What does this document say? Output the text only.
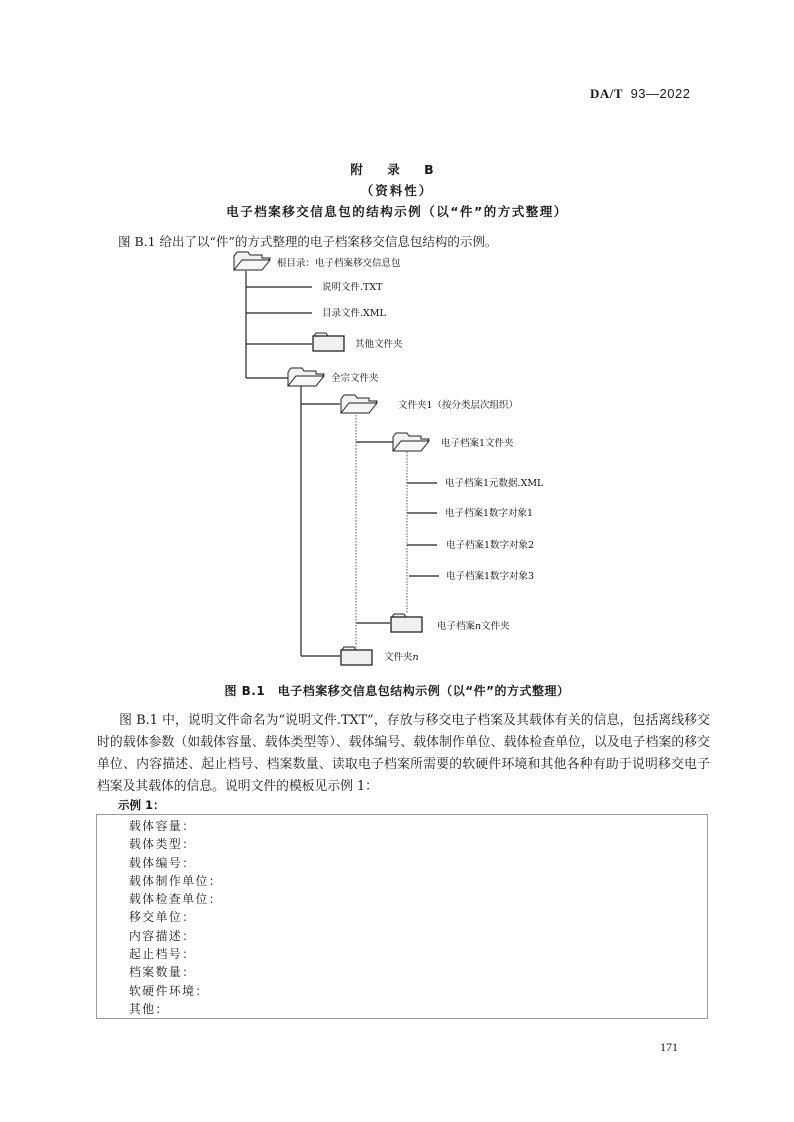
DA/T 93—2022
附 录 B
（资料性）
电子档案移交信息包的结构示例（以“件”的方式整理）
图 B.1 给出了以“件”的方式整理的电子档案移交信息包结构的示例。
根目录：电子档案移交信息包
说明文件.TXT
目录文件.XML
其他文件夹
全宗文件夹
文件夹1（按分类层次组织）
电子档案1文件夹
电子档案1元数据.XML
电子档案1数字对象1
电子档案1数字对象2
电子档案1数字对象3
电子档案n文件夹
文件夹n
图 B.1　电子档案移交信息包结构示例（以“件”的方式整理）
图 B.1 中，说明文件命名为“说明文件.TXT”，存放与移交电子档案及其载体有关的信息，包括离线移交时的载体参数（如载体容量、载体类型等）、载体编号、载体制作单位、载体检查单位，以及电子档案的移交单位、内容描述、起止档号、档案数量、读取电子档案所需要的软硬件环境和其他各种有助于说明移交电子档案及其载体的信息。说明文件的模板见示例 1：
示例 1：
载体容量：
载体类型：
载体编号：
载体制作单位：
载体检查单位：
移交单位：
内容描述：
起止档号：
档案数量：
软硬件环境：
其他：
171
